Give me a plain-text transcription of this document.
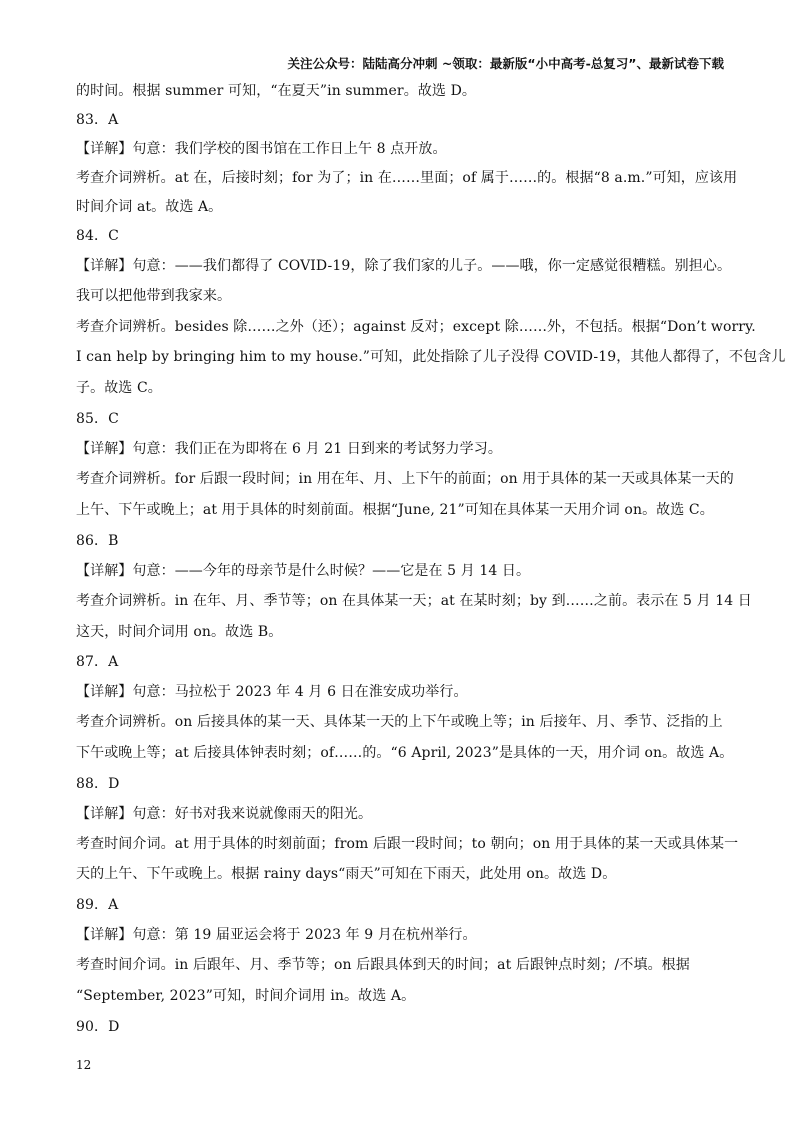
关注公众号：陆陆高分冲刺 ~领取：最新版“小中高考-总复习”、最新试卷下载
的时间。根据 summer 可知，“在夏天”in summer。故选 D。
83．A
【详解】句意：我们学校的图书馆在工作日上午 8 点开放。
考查介词辨析。at 在，后接时刻；for 为了；in 在……里面；of 属于……的。根据“8 a.m.”可知，应该用
时间介词 at。故选 A。
84．C
【详解】句意：——我们都得了 COVID-19，除了我们家的儿子。——哦，你一定感觉很糟糕。别担心。
我可以把他带到我家来。
考查介词辨析。besides 除……之外（还）；against 反对；except 除……外，不包括。根据“Don’t worry.
I can help by bringing him to my house.”可知，此处指除了儿子没得 COVID-19，其他人都得了，不包含儿
子。故选 C。
85．C
【详解】句意：我们正在为即将在 6 月 21 日到来的考试努力学习。
考查介词辨析。for 后跟一段时间；in 用在年、月、上下午的前面；on 用于具体的某一天或具体某一天的
上午、下午或晚上；at 用于具体的时刻前面。根据“June, 21”可知在具体某一天用介词 on。故选 C。
86．B
【详解】句意：——今年的母亲节是什么时候？——它是在 5 月 14 日。
考查介词辨析。in 在年、月、季节等；on 在具体某一天；at 在某时刻；by 到……之前。表示在 5 月 14 日
这天，时间介词用 on。故选 B。
87．A
【详解】句意：马拉松于 2023 年 4 月 6 日在淮安成功举行。
考查介词辨析。on 后接具体的某一天、具体某一天的上下午或晚上等；in 后接年、月、季节、泛指的上
下午或晚上等；at 后接具体钟表时刻；of……的。“6 April, 2023”是具体的一天，用介词 on。故选 A。
88．D
【详解】句意：好书对我来说就像雨天的阳光。
考查时间介词。at 用于具体的时刻前面；from 后跟一段时间；to 朝向；on 用于具体的某一天或具体某一
天的上午、下午或晚上。根据 rainy days“雨天”可知在下雨天，此处用 on。故选 D。
89．A
【详解】句意：第 19 届亚运会将于 2023 年 9 月在杭州举行。
考查时间介词。in 后跟年、月、季节等；on 后跟具体到天的时间；at 后跟钟点时刻；/不填。根据
“September, 2023”可知，时间介词用 in。故选 A。
90．D
12
